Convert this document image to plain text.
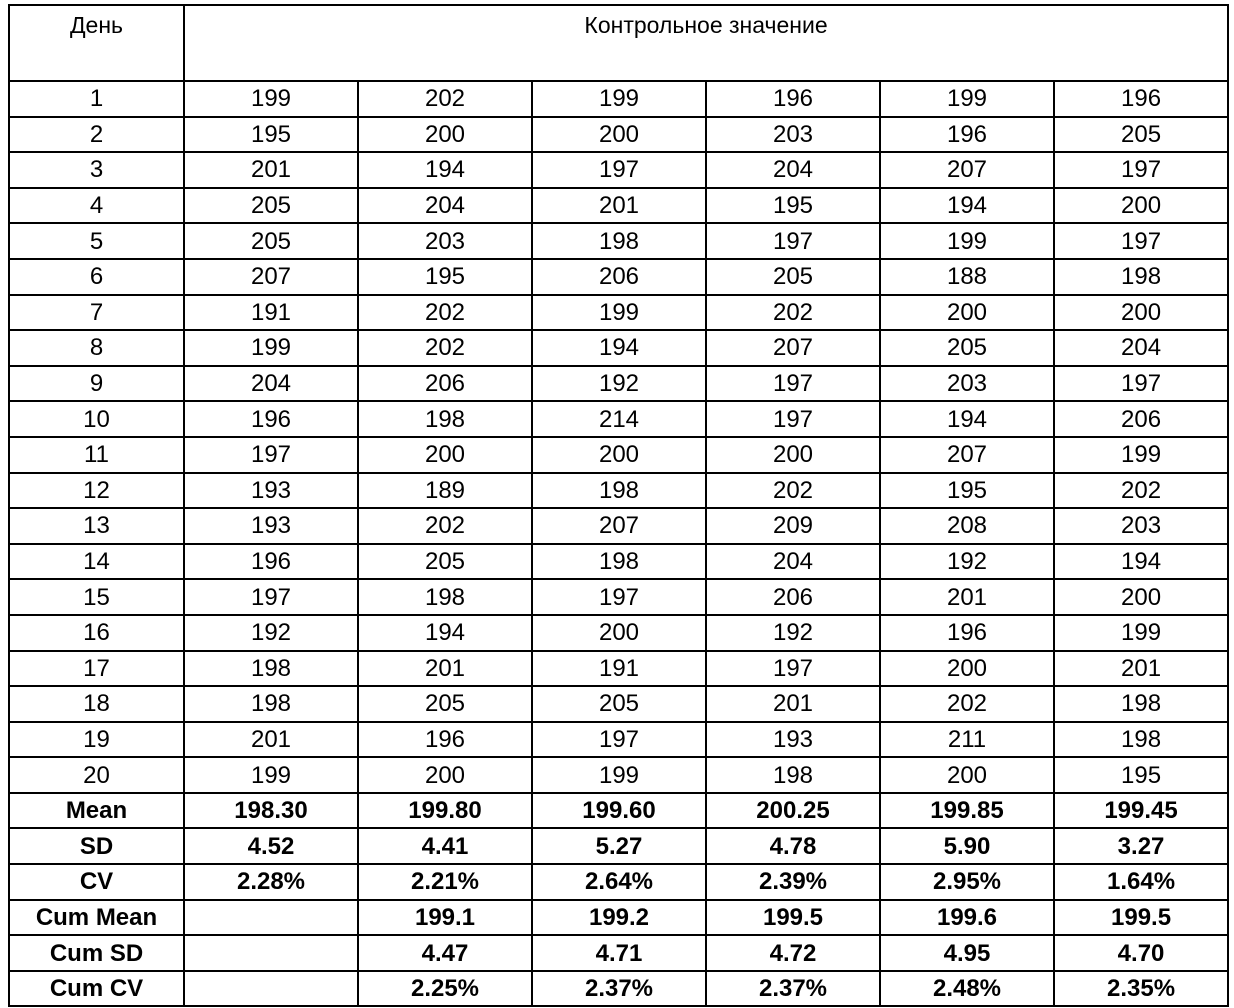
День	Контрольное значение					
1	199	202	199	196	199	196
2	195	200	200	203	196	205
3	201	194	197	204	207	197
4	205	204	201	195	194	200
5	205	203	198	197	199	197
6	207	195	206	205	188	198
7	191	202	199	202	200	200
8	199	202	194	207	205	204
9	204	206	192	197	203	197
10	196	198	214	197	194	206
11	197	200	200	200	207	199
12	193	189	198	202	195	202
13	193	202	207	209	208	203
14	196	205	198	204	192	194
15	197	198	197	206	201	200
16	192	194	200	192	196	199
17	198	201	191	197	200	201
18	198	205	205	201	202	198
19	201	196	197	193	211	198
20	199	200	199	198	200	195
Mean	198.30	199.80	199.60	200.25	199.85	199.45
SD	4.52	4.41	5.27	4.78	5.90	3.27
CV	2.28%	2.21%	2.64%	2.39%	2.95%	1.64%
Cum Mean		199.1	199.2	199.5	199.6	199.5
Cum SD		4.47	4.71	4.72	4.95	4.70
Cum CV		2.25%	2.37%	2.37%	2.48%	2.35%
